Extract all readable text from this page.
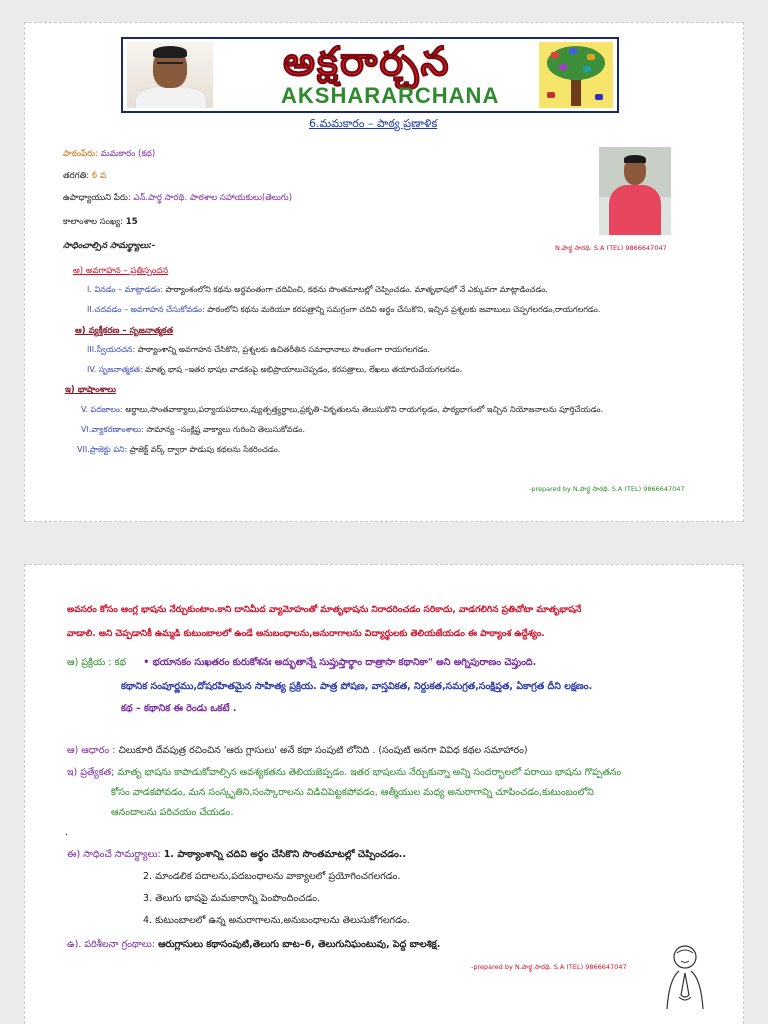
అక్షరార్చన
AKSHARARCHANA
6.మమకారం – పాఠ్య ప్రణాళిక
పాఠంపేరు: మమకారం (కథ)
తరగతి: 6 వ
ఉపాధ్యాయుని పేరు: ఎన్.పార్థ సారథి. పాఠశాల సహాయకులు(తెలుగు)
కాలాంశాల సంఖ్య: 15
సాధించాల్సిన సామర్థ్యాలు:-	N.పార్థ సారథి. S.A (TEL) 9866647047
అ) అవగాహన – ప్రతిస్పందన
I. వినడం – మాట్లాడడం: పాఠ్యాంశంలోని కథను అర్థవంతంగా చదివించి, కథను సొంతమాటల్లో చెప్పించడం. మాతృభాషలో నే ఎక్కువగా మాట్లాడించడం.
II.చదవడం – అవగాహన చేసుకోవడం: పాఠంలోని కథను మరియూ కరపత్రాన్ని సమగ్రంగా చదివి అర్థం చేసుకొని, ఇచ్చిన ప్రశ్నలకు జవాబులు చెప్పగలగడం,రాయగలగడం.
ఆ) వ్యక్తీకరణ – సృజనాత్మకత
III.స్వీయరచన: పాఠ్యాంశాన్ని అవగాహన చేసికొని, ప్రశ్నలకు ఉచితరీతిన సమాధానాలు సొంతంగా రాయగలగడం.
IV. సృజనాత్మకత: మాతృ భాష –ఇతర భాషల వాడకంపై అభిప్రాయాలుచెప్పడం, కరపత్రాలు, లేఖలు తయారుచేయగలగడం.
ఇ) భాషాంశాలు
V. పదజాలం: అర్థాలు,సొంతవాక్యాలు,పర్యాయపదాలు,వ్యుత్పత్త్యర్థాలు,ప్రకృతి–వికృతులను తెలుసుకొని రాయగల్గడం, పాఠ్యభాగంలో ఇచ్చిన నియోజనాలను పూర్తిచేయడం.
VI.వ్యాకరణాంశాలు: సామాన్య –సంక్లిష్ట వాక్యాలు గురించి తెలుసుకోవడం.
VII.ప్రాజెక్టు పని: ప్రాజెక్ట్ వర్క్ ద్వారా పొడుపు కథలను సేకరించడం.
-prepared by N.పార్థ సారథి. S.A (TEL) 9866647047
అవసరం కోసం ఆంగ్ల భాషను నేర్చుకుంటాం.కాని దానిమీద వ్యామోహంతో మాతృభాషను నిరాదరించడం సరికాదు, వాడగలిగిన ప్రతిచోటా మాతృభాషనే
వాడాలి. అని చెప్పడానికీ ఉమ్మడి కుటుంబాలలో ఉండే అనుబంధాలను,అనురాగాలను విద్యార్థులకు తెలియజేయడం ఈ పాఠ్యాంశ ఉద్దేశ్యం.
ఆ) ప్రక్రియ : కథ • భయానకం సుఖతరం కురుకోశనః అద్భుతాన్నే సుప్తుప్తార్థాం దాత్రాసా కథానికా" అని అగ్నిపురాణం చెప్తుంది.
కథానిక సంపూర్ణము,దోషరహితమైన సాహిత్య ప్రక్రియ. పాత్ర పోషణ, వాస్తవికత, నిర్దుకత,సమగ్రత,సంక్షిప్తత, ఏకాగ్రత దీని లక్షణం.
కథ – కథానిక ఈ రెండు ఒకటే .
ఆ) ఆధారం : చిలుకూరి దేవపుత్ర రచించిన 'ఆరు గ్లాసులు' అనే కథా సంపుటి లోనిది . (సంపుటి అనగా వివిధ కథల సమాహారం)
ఇ) ప్రత్యేకత; మాతృ భాషను కాపాడుకోవాల్సిన ఆవశ్యకతను తెలియజెప్పడం. ఇతర భాషలను నేర్చుకున్నా అన్ని సందర్భాలలో పరాయి భాషను గొప్పతనం
కోసం వాడకపోవడం, మన సంస్కృతిని,సంస్కారాలను విడిచిపెట్టకపోవడం, ఆత్మీయుల మధ్య అనురాగాన్ని చూపించడం,కుటుంబంలోని
ఆనందాలను పరిచయం చేయడం.
.
ఈ) సాధించే సామర్థ్యాలు: 1. పాఠ్యాంశాన్ని చదివి అర్థం చేసికొని సొంతమాటల్లో చెప్పించడం..
2. మాండలిక పదాలను,పదబంధాలను వాక్యాలలో ప్రయోగించగలగడం.
3. తెలుగు భాషపై మమకారాన్ని పెంపొందించడం.
4. కుటుంబాలలో ఉన్న అనురాగాలను,అనుబంధాలను తెలుసుకోగలగడం.
ఉ). పరిశీలనా గ్రంథాలు: ఆరుగ్లాసులు కథాసంపుటి,తెలుగు బాట–6, తెలుగునిఘంటువు, పెద్ద బాలశిక్ష.
-prepared by N.పార్థ సారథి. S.A (TEL) 9866647047
